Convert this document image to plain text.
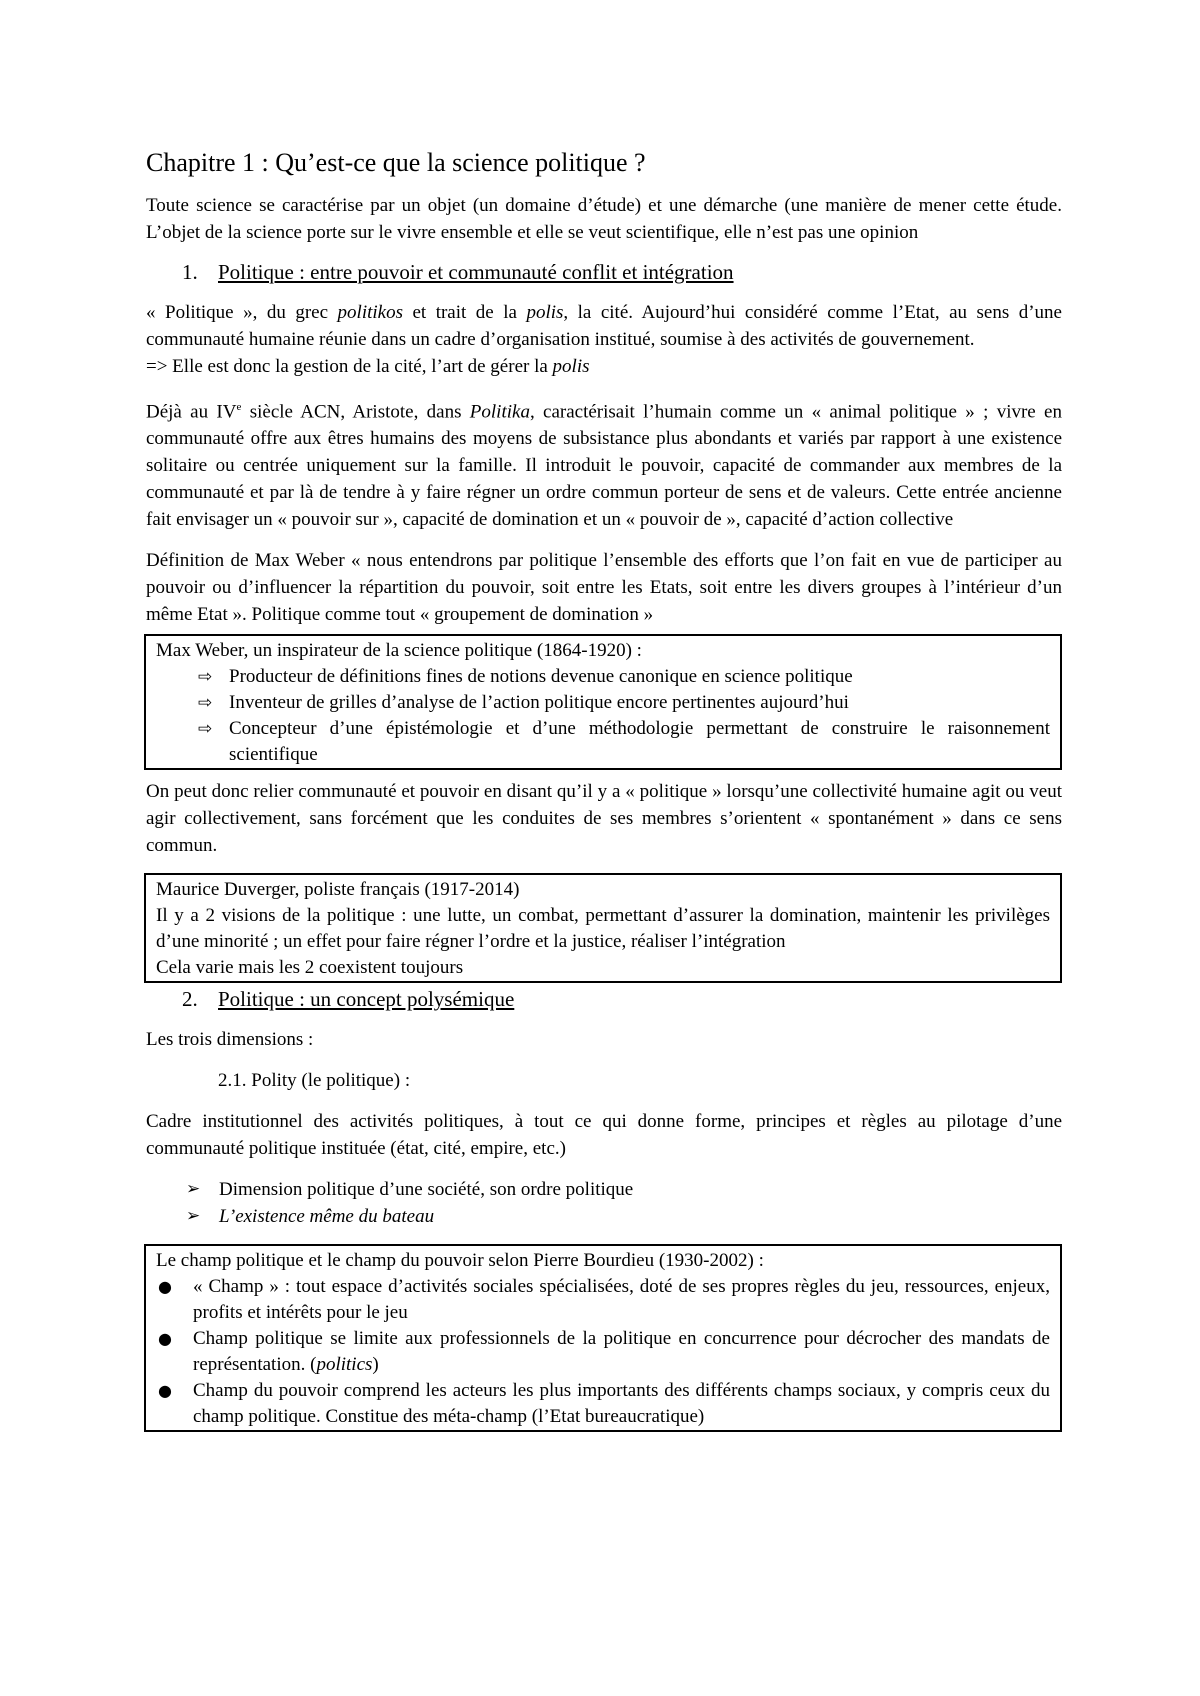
Chapitre 1 : Qu’est-ce que la science politique ?

Toute science se caractérise par un objet (un domaine d’étude) et une démarche (une manière de mener cette étude. L’objet de la science porte sur le vivre ensemble et elle se veut scientifique, elle n’est pas une opinion

1. Politique : entre pouvoir et communauté conflit et intégration

« Politique », du grec politikos et trait de la polis, la cité. Aujourd’hui considéré comme l’Etat, au sens d’une communauté humaine réunie dans un cadre d’organisation institué, soumise à des activités de gouvernement.

=> Elle est donc la gestion de la cité, l’art de gérer la polis

Déjà au IVe siècle ACN, Aristote, dans Politika, caractérisait l’humain comme un « animal politique » ; vivre en communauté offre aux êtres humains des moyens de subsistance plus abondants et variés par rapport à une existence solitaire ou centrée uniquement sur la famille. Il introduit le pouvoir, capacité de commander aux membres de la communauté et par là de tendre à y faire régner un ordre commun porteur de sens et de valeurs. Cette entrée ancienne fait envisager un « pouvoir sur », capacité de domination et un « pouvoir de », capacité d’action collective

Définition de Max Weber « nous entendrons par politique l’ensemble des efforts que l’on fait en vue de participer au pouvoir ou d’influencer la répartition du pouvoir, soit entre les Etats, soit entre les divers groupes à l’intérieur d’un même Etat ». Politique comme tout « groupement de domination »

Max Weber, un inspirateur de la science politique (1864-1920) :
⇨ Producteur de définitions fines de notions devenue canonique en science politique
⇨ Inventeur de grilles d’analyse de l’action politique encore pertinentes aujourd’hui
⇨ Concepteur d’une épistémologie et d’une méthodologie permettant de construire le raisonnement scientifique

On peut donc relier communauté et pouvoir en disant qu’il y a « politique » lorsqu’une collectivité humaine agit ou veut agir collectivement, sans forcément que les conduites de ses membres s’orientent « spontanément » dans ce sens commun.

Maurice Duverger, poliste français (1917-2014)
Il y a 2 visions de la politique : une lutte, un combat, permettant d’assurer la domination, maintenir les privilèges d’une minorité ; un effet pour faire régner l’ordre et la justice, réaliser l’intégration
Cela varie mais les 2 coexistent toujours
2. Politique : un concept polysémique

Les trois dimensions :

2.1. Polity (le politique) :

Cadre institutionnel des activités politiques, à tout ce qui donne forme, principes et règles au pilotage d’une communauté politique instituée (état, cité, empire, etc.)

➢ Dimension politique d’une société, son ordre politique
➢ L’existence même du bateau
Le champ politique et le champ du pouvoir selon Pierre Bourdieu (1930-2002) :
● « Champ » : tout espace d’activités sociales spécialisées, doté de ses propres règles du jeu, ressources, enjeux, profits et intérêts pour le jeu
● Champ politique se limite aux professionnels de la politique en concurrence pour décrocher des mandats de représentation. (politics)
● Champ du pouvoir comprend les acteurs les plus importants des différents champs sociaux, y compris ceux du champ politique. Constitue des méta-champ (l’Etat bureaucratique)
